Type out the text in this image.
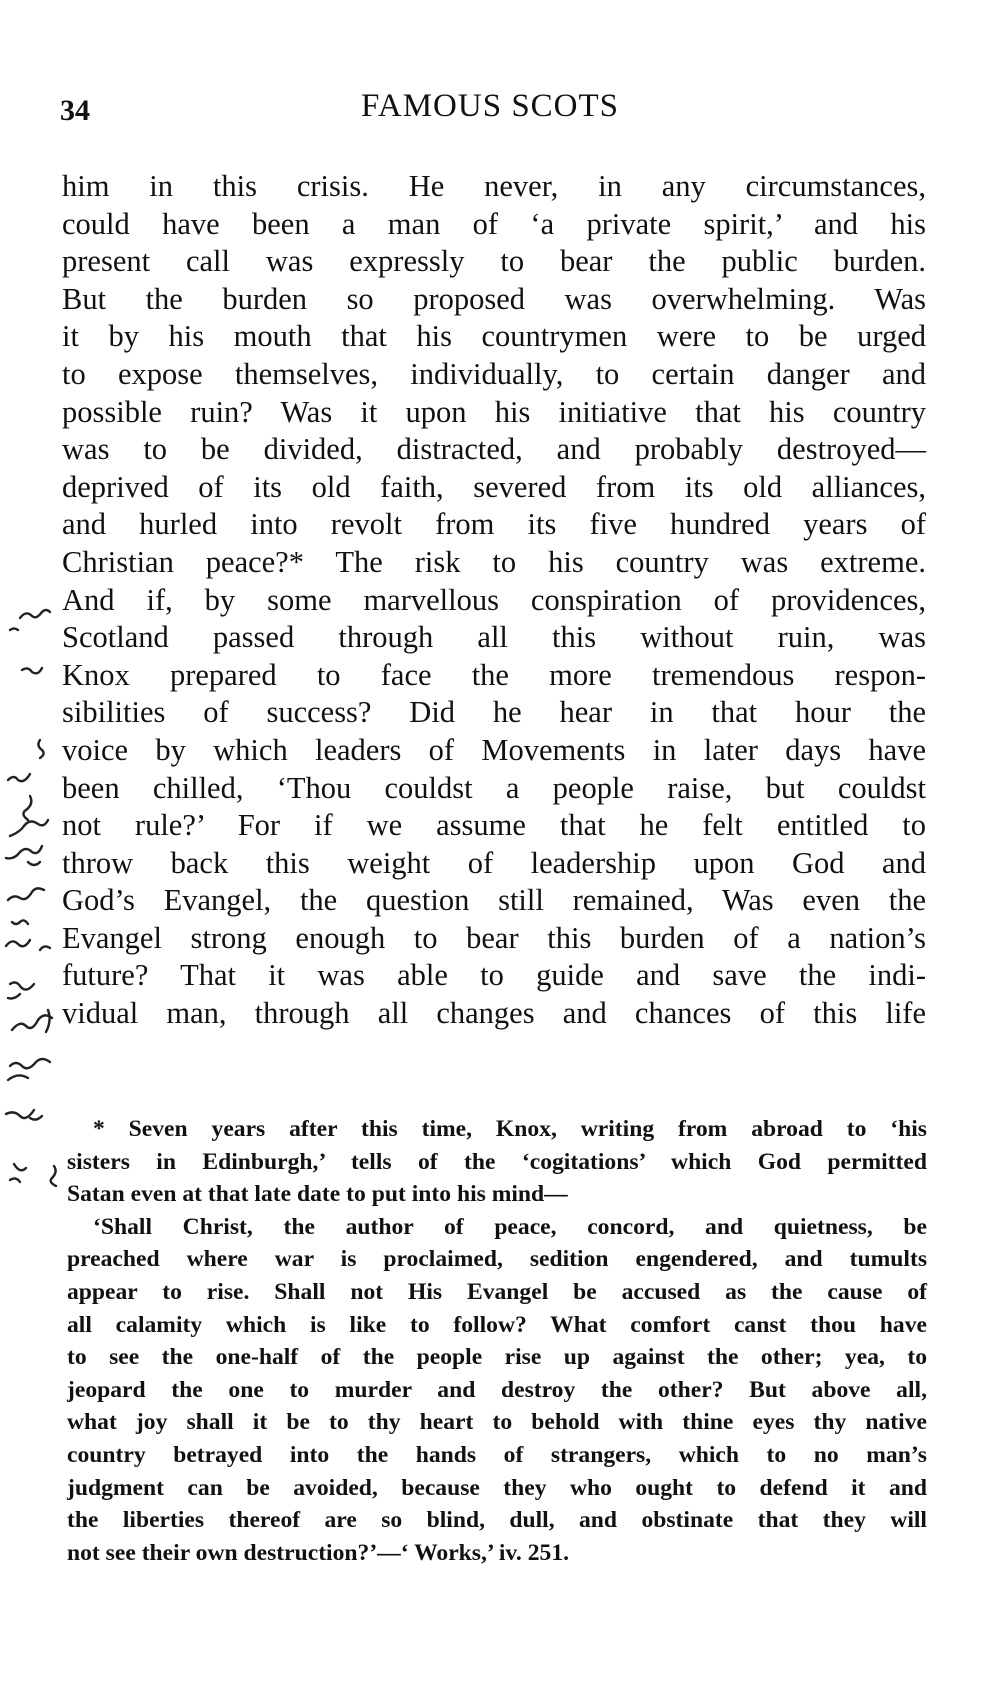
34	FAMOUS SCOTS
him in this crisis. He never, in any circumstances,
could have been a man of ‘a private spirit,’ and his
present call was expressly to bear the public burden.
But the burden so proposed was overwhelming. Was
it by his mouth that his countrymen were to be urged
to expose themselves, individually, to certain danger and
possible ruin? Was it upon his initiative that his country
was to be divided, distracted, and probably destroyed—
deprived of its old faith, severed from its old alliances,
and hurled into revolt from its five hundred years of
Christian peace?* The risk to his country was extreme.
And if, by some marvellous conspiration of providences,
Scotland passed through all this without ruin, was
Knox prepared to face the more tremendous respon-
sibilities of success? Did he hear in that hour the
voice by which leaders of Movements in later days have
been chilled, ‘Thou couldst a people raise, but couldst
not rule?’ For if we assume that he felt entitled to
throw back this weight of leadership upon God and
God’s Evangel, the question still remained, Was even the
Evangel strong enough to bear this burden of a nation’s
future? That it was able to guide and save the indi-
vidual man, through all changes and chances of this life
* Seven years after this time, Knox, writing from abroad to ‘his
sisters in Edinburgh,’ tells of the ‘cogitations’ which God permitted
Satan even at that late date to put into his mind—
‘Shall Christ, the author of peace, concord, and quietness, be
preached where war is proclaimed, sedition engendered, and tumults
appear to rise. Shall not His Evangel be accused as the cause of
all calamity which is like to follow? What comfort canst thou have
to see the one-half of the people rise up against the other; yea, to
jeopard the one to murder and destroy the other? But above all,
what joy shall it be to thy heart to behold with thine eyes thy native
country betrayed into the hands of strangers, which to no man’s
judgment can be avoided, because they who ought to defend it and
the liberties thereof are so blind, dull, and obstinate that they will
not see their own destruction?’—‘ Works,’ iv. 251.
